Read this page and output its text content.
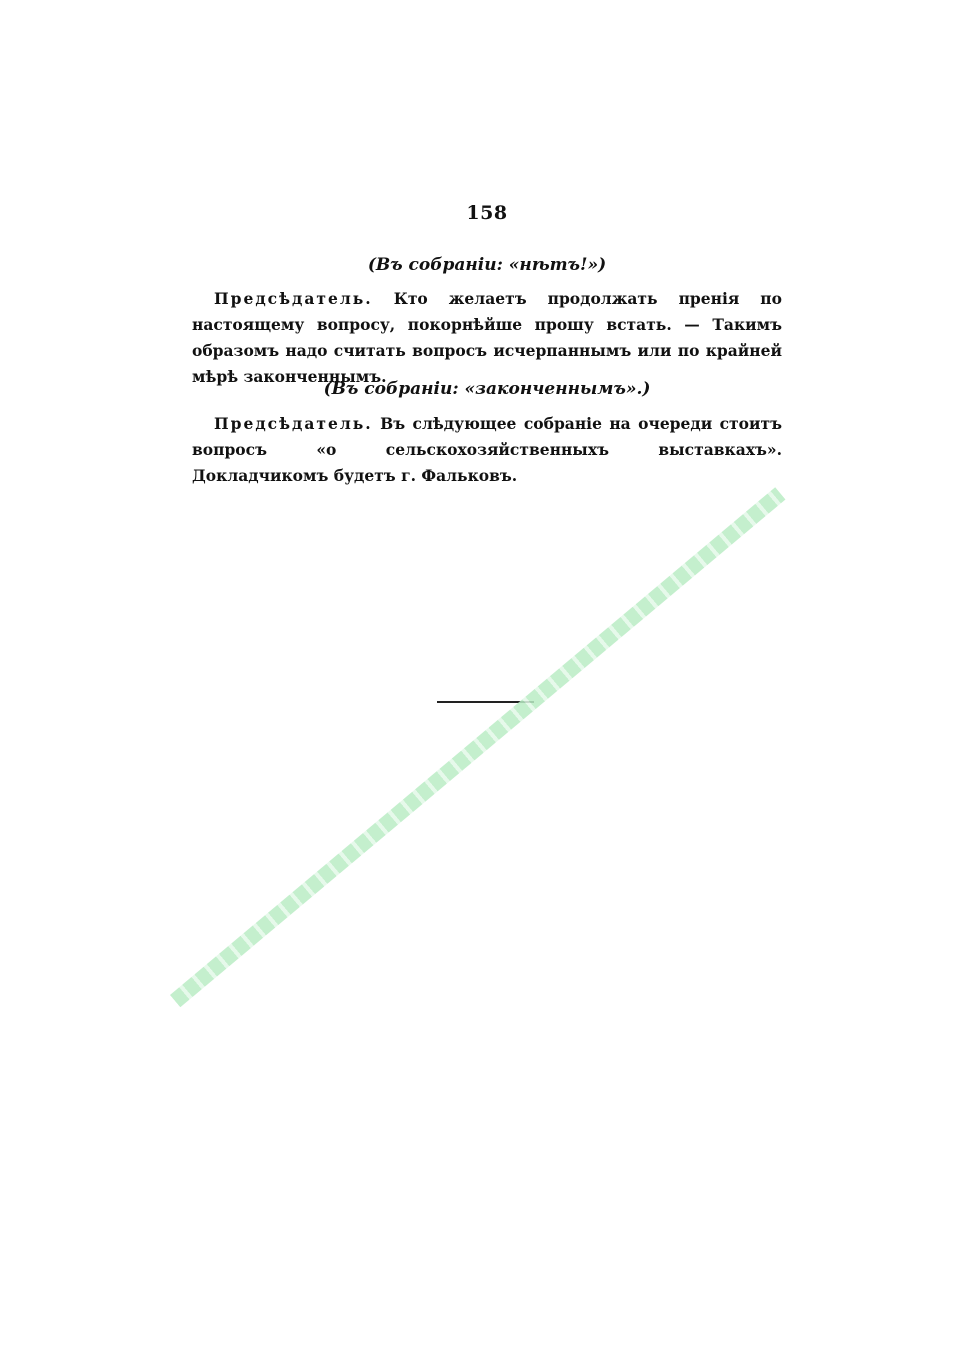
158
(Въ собраніи: «нѣтъ!»)
Предсѣдатель. Кто желаетъ продолжать пренія по настоящему вопросу, покорнѣйше прошу встать. — Такимъ образомъ надо считать вопросъ исчерпаннымъ или по крайней мѣрѣ законченнымъ.
(Въ собраніи: «законченнымъ».)
Предсѣдатель. Въ слѣдующее собраніе на очереди стоитъ вопросъ «о сельскохозяйственныхъ выставкахъ». Докладчикомъ будетъ г. Фальковъ.
